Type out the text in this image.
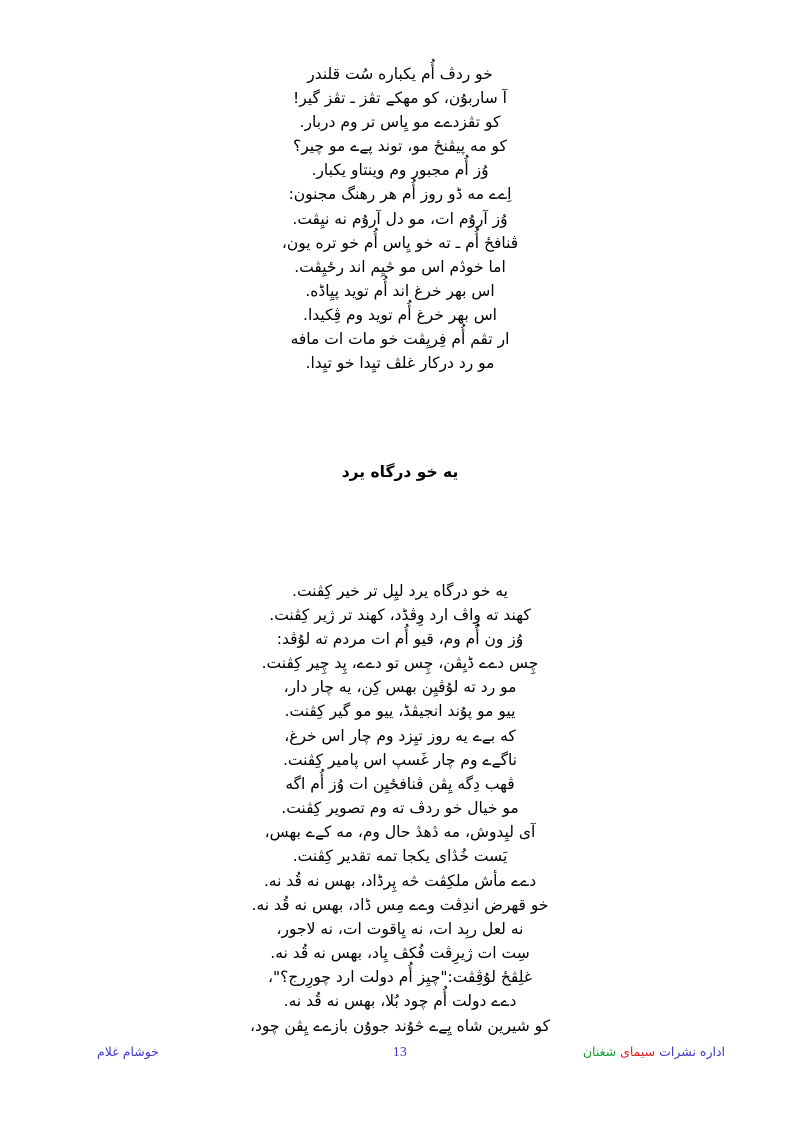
خو ردڤ أُم يکباره سُت قلندر
آ ساربۇن، کو مهکے تڤز ـ تڤز گير!
کو تڤزدےے مو يِاس تر وم دربار.
کو مه پيڤنځ مو، توند پےے مو چير؟
وُز أُم مجبور وم وينتاو يکبار.
اِےے مه ڈو روز أُم هر رهنگ مجنون:
وُز آرۇم ات، مو دل آرۇم نه نيِڤت.
ڤنافځ أُم ـ ته خو يِاس أُم خو تره يون،
اما خوڎم اس مو څيِم اند رځيِڤت.
اس بهر خرغ اند أُم تويد پيِاڈه.
اس بهر خرغ أُم تويد وم ڤِکيدا.
ار تڤم أُم فِريِڤت خو مات ات مافه
مو رد دركار غلڤ تيِدا خو تيِدا.
يه خو درگاه يرد
يه خو درگاه يرد ليِل تر خير کِڤنت.
کهند ته وِاڤ ارد وِڤڈد، کهند تر ژير کِڤنت.
وُز ون أُم وم، قيو أُم ات مردم ته لۇڤد:
چِس دےے ڈيِڤن، چِس تو دےے، پِد چِير کِڤنت.
مو رد ته لۇڤيِن بهس کِن، يه چار دار،
ييو مو پۇند انجيڤڈ، ييو مو گير کِڤنت.
که بےے يه روز تيِزد وم چار اس خرغ،
ناگےے وم چار غَسپ اس پامير کِڤنت.
ڤهب دِگه يِڤن ڤنافځيِن ات وُز أُم اگه
مو خيال خو ردڤ ته وم تصوير کِڤنت.
آى ليِدوش، مه ڎهڎ حال وم، مه کےے بهس،
يَست خُڎاى يکجا تمه تقدير کِڤنت.
دےے مأش ملکِڤت څه پِرڈاد، بهس نه قُد نه.
خو قهرض اندِڤت وےے مِس ڈاد، بهس نه قُد نه.
نه لعل ربِد ات، نه يِاقوت ات، نه لاجور،
سِت ات ژيرِڤت فُکڤ يِاد، بهس نه قُد نه.
غلِڤځ لۇڤِڤت:"چيِز أُم دولت ارد چورِرج؟"،
دےے دولت أُم چود بُلا، بهس نه قُد نه.
کو شيرين شاه يِےے څۇند جوۇن بازےے يِڤن چود،
اداره نشرات سیمای شغنان
13
خوشام غلام
